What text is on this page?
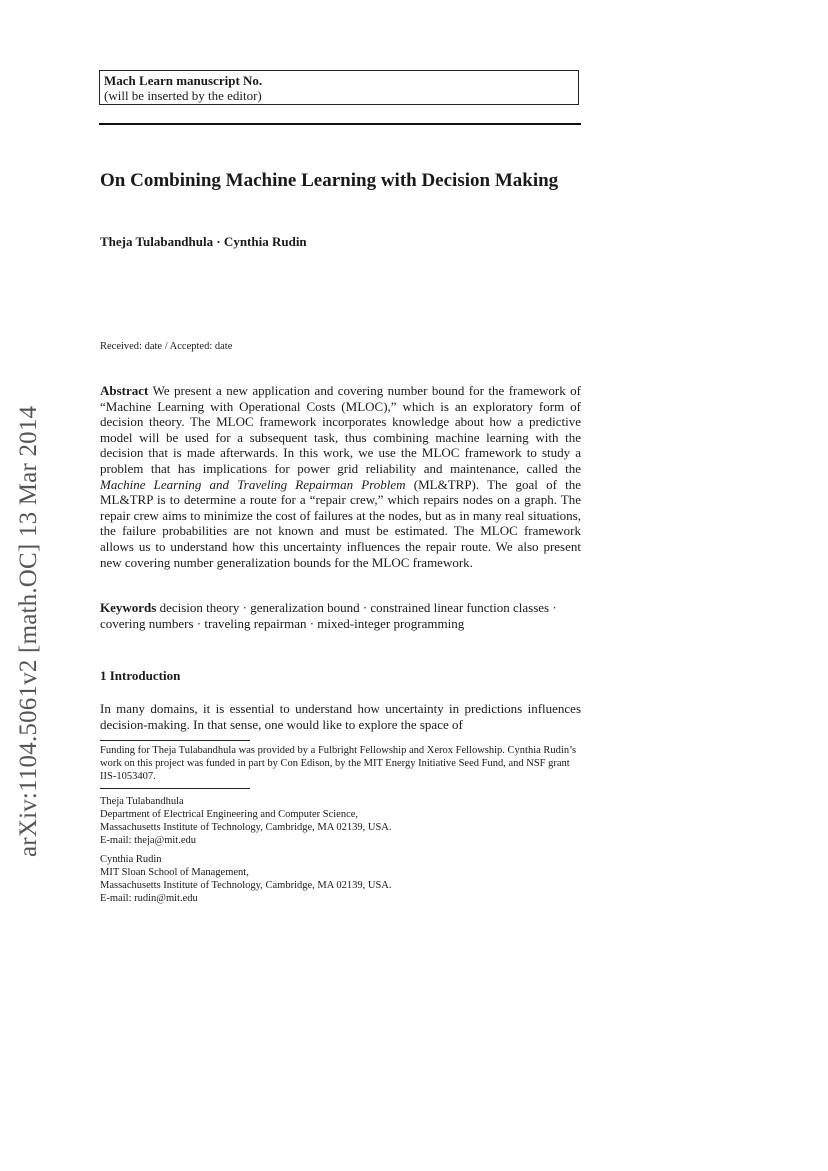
arXiv:1104.5061v2 [math.OC] 13 Mar 2014
Mach Learn manuscript No.
(will be inserted by the editor)
On Combining Machine Learning with Decision Making
Theja Tulabandhula · Cynthia Rudin
Received: date / Accepted: date
Abstract We present a new application and covering number bound for the framework of “Machine Learning with Operational Costs (MLOC),” which is an exploratory form of decision theory. The MLOC framework incorporates knowledge about how a predictive model will be used for a subsequent task, thus combining machine learning with the decision that is made afterwards. In this work, we use the MLOC framework to study a problem that has implications for power grid reliability and maintenance, called the Machine Learning and Traveling Repairman Problem (ML&TRP). The goal of the ML&TRP is to determine a route for a “repair crew,” which repairs nodes on a graph. The repair crew aims to minimize the cost of failures at the nodes, but as in many real situations, the failure probabilities are not known and must be estimated. The MLOC framework allows us to understand how this uncertainty influences the repair route. We also present new covering number generalization bounds for the MLOC framework.
Keywords decision theory · generalization bound · constrained linear function classes · covering numbers · traveling repairman · mixed-integer programming
1 Introduction
In many domains, it is essential to understand how uncertainty in predictions influences decision-making. In that sense, one would like to explore the space of
Funding for Theja Tulabandhula was provided by a Fulbright Fellowship and Xerox Fellowship. Cynthia Rudin’s work on this project was funded in part by Con Edison, by the MIT Energy Initiative Seed Fund, and NSF grant IIS-1053407.
Theja Tulabandhula
Department of Electrical Engineering and Computer Science,
Massachusetts Institute of Technology, Cambridge, MA 02139, USA.
E-mail: theja@mit.edu
Cynthia Rudin
MIT Sloan School of Management,
Massachusetts Institute of Technology, Cambridge, MA 02139, USA.
E-mail: rudin@mit.edu
